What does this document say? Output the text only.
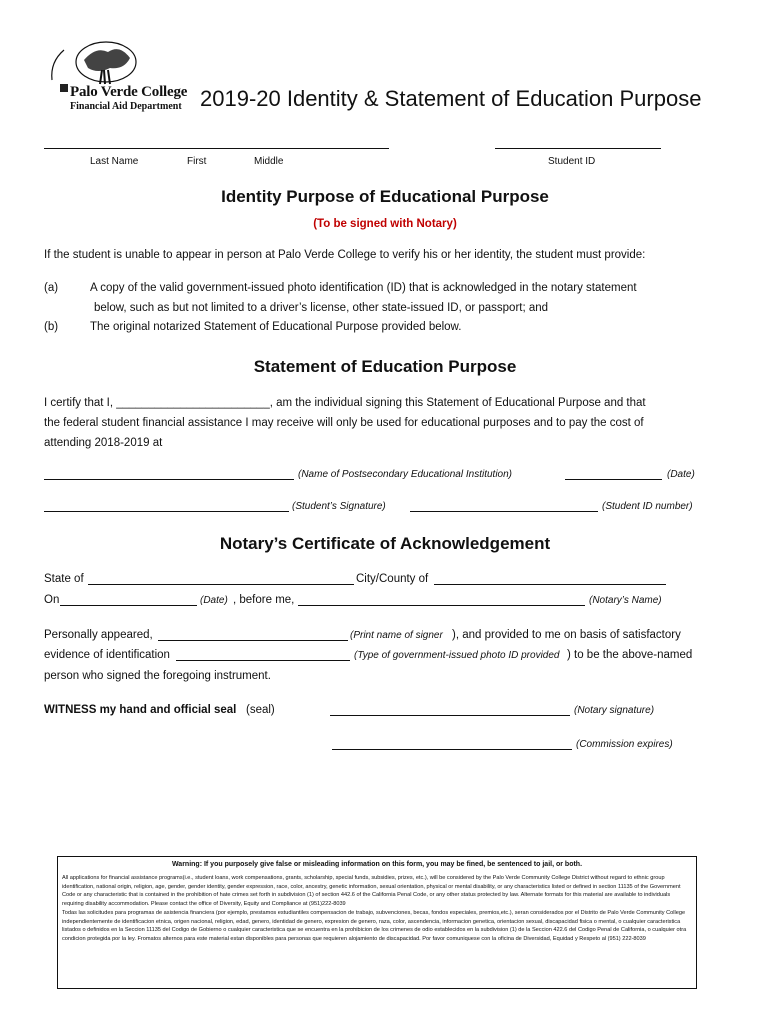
Palo Verde College
Financial Aid Department 2019-20 Identity & Statement of Education Purpose
Last Name	First	Middle	Student ID
Identity Purpose of Educational Purpose
(To be signed with Notary)
If the student is unable to appear in person at Palo Verde College to verify his or her identity, the student must provide:
(a)	A copy of the valid government-issued photo identification (ID) that is acknowledged in the notary statement
below, such as but not limited to a driver’s license, other state-issued ID, or passport; and
(b)	The original notarized Statement of Educational Purpose provided below.
Statement of Education Purpose
I certify that I, ________________________, am the individual signing this Statement of Educational Purpose and that
the federal student financial assistance I may receive will only be used for educational purposes and to pay the cost of
attending 2018-2019 at
(Name of Postsecondary Educational Institution)	(Date)
(Student’s Signature)	(Student ID number)
Notary’s Certificate of Acknowledgement
State of	City/County of
On	(Date) , before me,	(Notary’s Name)
Personally appeared,	(Print name of signer ), and provided to me on basis of satisfactory
evidence of identification	(Type of government-issued photo ID provided ) to be the above-named
person who signed the foregoing instrument.
WITNESS my hand and official seal (seal)	(Notary signature)
(Commission expires)
Warning: If you purposely give false or misleading information on this form, you may be fined, be sentenced to jail, or both.
All applications for financial assistance programs(i.e., student loans, work compensations, grants, scholarship, special funds, subsidies, prizes, etc.), will be considered by the Palo Verde Community College District without regard to ethnic group identification, national origin, religion, age, gender, gender identity, gender expression, race, color, ancestry, genetic information, sexual orientation, physical or mental disability, or any characteristics listed or defined in section 11135 of the Government Code or any characteristic that is contained in the prohibition of hate crimes set forth in subdivision (1) of section 442.6 of the California Penal Code, or any other status protected by law. Alternate formats for this material are available to individuals requiring disability accommodation. Please contact the office of Diversity, Equity and Compliance at (951)222-8039
Todas las solicitudes para programas de asistencia financiera (por ejemplo, prestamos estudiantiles compensacion de trabajo, subvenciones, becas, fondos especiales, premios,etc.), seran considerados por el Distrito de Palo Verde Community College independientemente de identificacion etnica, origen nacional, religion, edad, genero, identidad de genero, expresion de genero, raza, color, ascendencia, informacion genetica, orientacion sexual, discapacidad fisica o mental, o cualquier caracteristica listados o definidos en la Seccion 11135 del Codigo de Gobierno o cualquier caracteristica que se encuentra en la prohibicion de los crimenes de odio establecidos en la subdivision (1) de la Seccion 422.6 del Codigo Penal de California, o cualquier otra condicion protegida por la ley. Fromatos alternos para este material estan disponibles para personas que requieren alojamiento de discapacidad. Por favor comuniquese con la oficina de Diversidad, Equidad y Respeto al (951) 222-8039
